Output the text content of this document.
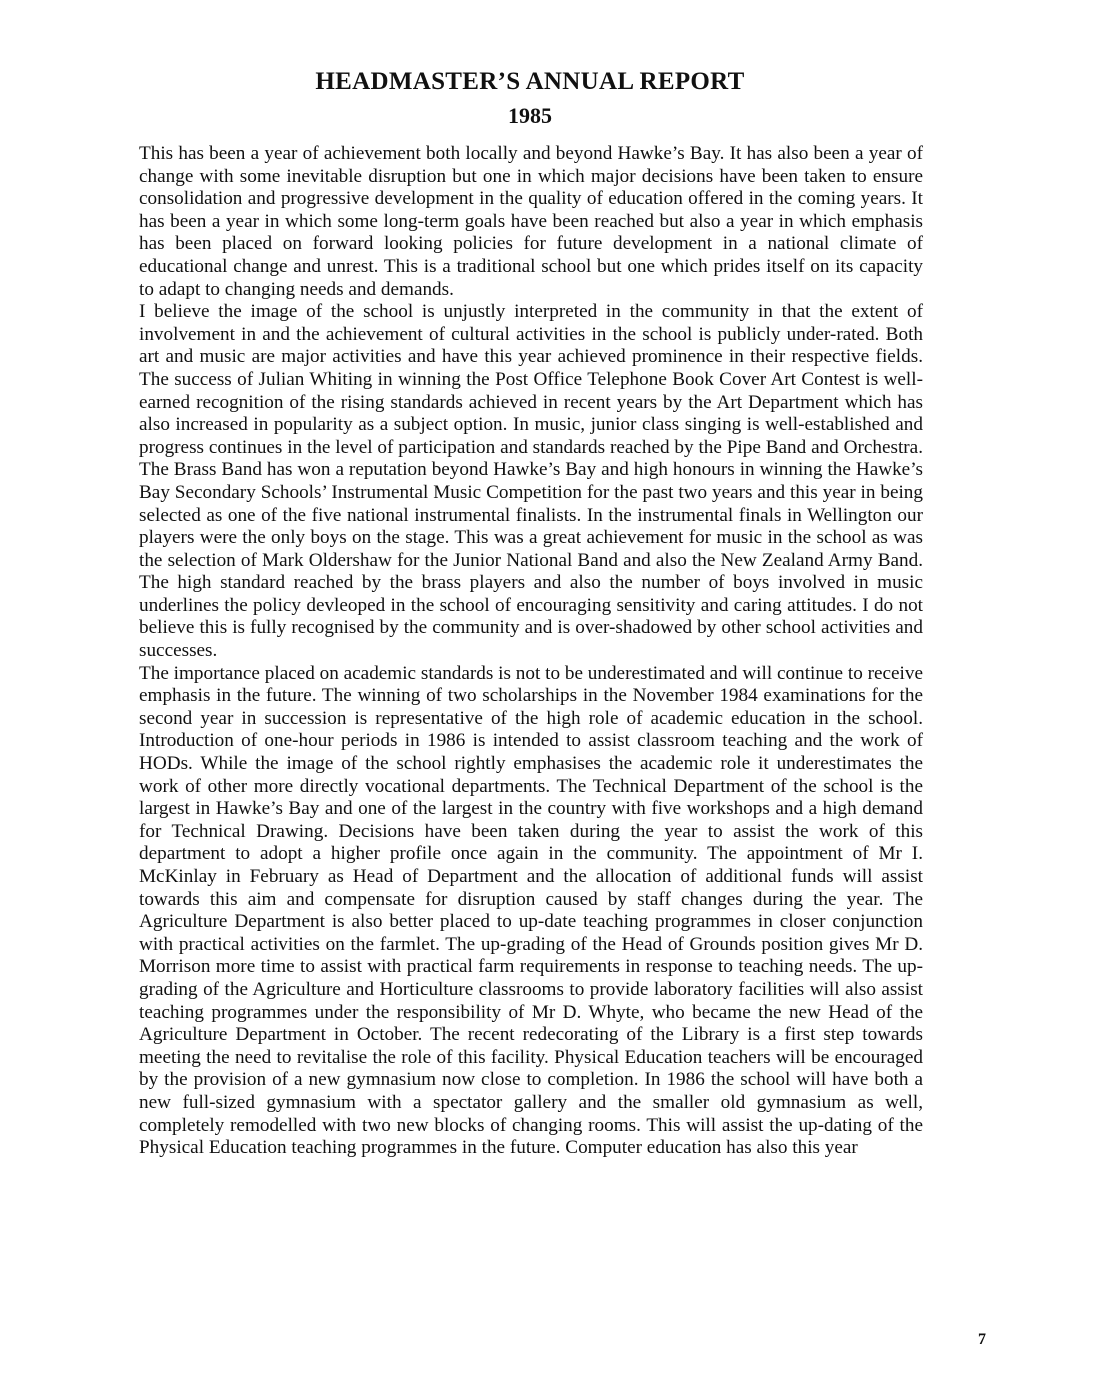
HEADMASTER’S ANNUAL REPORT
1985

This has been a year of achievement both locally and beyond Hawke’s Bay. It has also been a year of change with some inevitable disruption but one in which major decisions have been taken to ensure consolidation and progressive development in the quality of education offered in the coming years. It has been a year in which some long-term goals have been reached but also a year in which emphasis has been placed on forward looking policies for future development in a national climate of educational change and unrest. This is a traditional school but one which prides itself on its capacity to adapt to changing needs and demands.

I believe the image of the school is unjustly interpreted in the community in that the extent of involvement in and the achievement of cultural activities in the school is publicly under-rated. Both art and music are major activities and have this year achieved prominence in their respective fields. The success of Julian Whiting in winning the Post Office Telephone Book Cover Art Contest is well-earned recognition of the rising standards achieved in recent years by the Art Department which has also increased in popularity as a subject option. In music, junior class singing is well-established and progress continues in the level of participation and standards reached by the Pipe Band and Orchestra. The Brass Band has won a reputation beyond Hawke’s Bay and high honours in winning the Hawke’s Bay Secondary Schools’ Instrumental Music Competition for the past two years and this year in being selected as one of the five national instrumental finalists. In the instrumental finals in Wellington our players were the only boys on the stage. This was a great achievement for music in the school as was the selection of Mark Oldershaw for the Junior National Band and also the New Zealand Army Band. The high standard reached by the brass players and also the number of boys involved in music underlines the policy devleoped in the school of encouraging sensitivity and caring attitudes. I do not believe this is fully recognised by the community and is over-shadowed by other school activities and successes.

The importance placed on academic standards is not to be underestimated and will continue to receive emphasis in the future. The winning of two scholarships in the November 1984 examinations for the second year in succession is representative of the high role of academic education in the school. Introduction of one-hour periods in 1986 is intended to assist classroom teaching and the work of HODs. While the image of the school rightly emphasises the academic role it underestimates the work of other more directly vocational departments. The Technical Department of the school is the largest in Hawke’s Bay and one of the largest in the country with five workshops and a high demand for Technical Drawing. Decisions have been taken during the year to assist the work of this department to adopt a higher profile once again in the community. The appointment of Mr I. McKinlay in February as Head of Department and the allocation of additional funds will assist towards this aim and compensate for disruption caused by staff changes during the year. The Agriculture Department is also better placed to up-date teaching programmes in closer conjunction with practical activities on the farmlet. The up-grading of the Head of Grounds position gives Mr D. Morrison more time to assist with practical farm requirements in response to teaching needs. The up-grading of the Agriculture and Horticulture classrooms to provide laboratory facilities will also assist teaching programmes under the responsibility of Mr D. Whyte, who became the new Head of the Agriculture Department in October. The recent redecorating of the Library is a first step towards meeting the need to revitalise the role of this facility. Physical Education teachers will be encouraged by the provision of a new gymnasium now close to completion. In 1986 the school will have both a new full-sized gymnasium with a spectator gallery and the smaller old gymnasium as well, completely remodelled with two new blocks of changing rooms. This will assist the up-dating of the Physical Education teaching programmes in the future. Computer education has also this year

7
